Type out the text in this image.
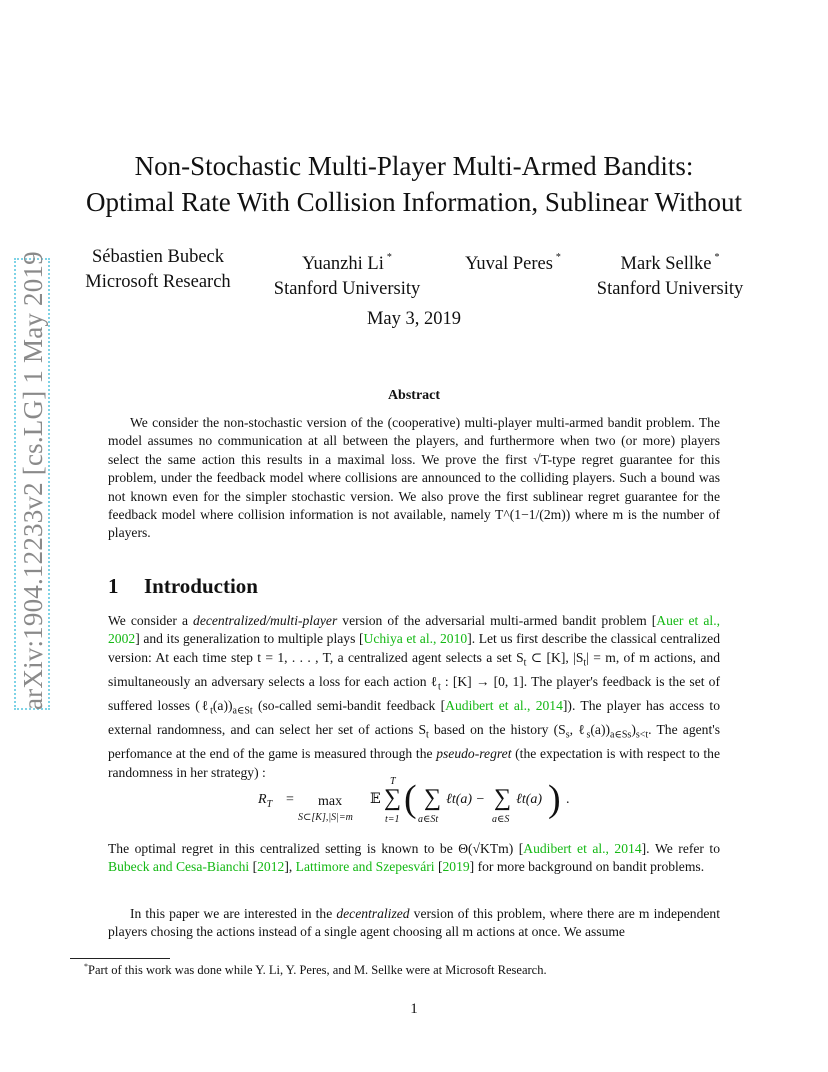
arXiv:1904.12233v2 [cs.LG] 1 May 2019
Non-Stochastic Multi-Player Multi-Armed Bandits:
Optimal Rate With Collision Information, Sublinear Without
Sébastien Bubeck
Microsoft Research
Yuanzhi Li *
Stanford University
Yuval Peres *	Mark Sellke *
Stanford University
May 3, 2019
Abstract
We consider the non-stochastic version of the (cooperative) multi-player multi-armed bandit problem. The model assumes no communication at all between the players, and furthermore when two (or more) players select the same action this results in a maximal loss. We prove the first √T-type regret guarantee for this problem, under the feedback model where collisions are announced to the colliding players. Such a bound was not known even for the simpler stochastic version. We also prove the first sublinear regret guarantee for the feedback model where collision information is not available, namely T^(1−1/(2m)) where m is the number of players.
1 Introduction
We consider a decentralized/multi-player version of the adversarial multi-armed bandit problem [Auer et al., 2002] and its generalization to multiple plays [Uchiya et al., 2010]. Let us first describe the classical centralized version: At each time step t = 1, . . . , T, a centralized agent selects a set $S_t$ ⊂ [K], $|S_t| = m$, of m actions, and simultaneously an adversary selects a loss for each action ℓ$_t$ : [K] → [0, 1]. The player's feedback is the set of suffered losses $(\ell_t(a))_{a\in St}$ (so-called semi-bandit feedback [Audibert et al., 2014]). The player has access to external randomness, and can select her set of actions $S_t$ based on the history ($S_s$, $\ell_s(a))_{a\in Ss})_{s<t}$. The agent's perfomance at the end of the game is measured through the pseudo-regret (the expectation is with respect to the randomness in her strategy) :
$R_T = \max$
S⊂[K],|S|=m
𝔼
T
∑
t=1 ( ∑
a∈St
ℓt(a) − ∑
a∈S
ℓt(a) ) .
The optimal regret in this centralized setting is known to be Θ(√KTm) [Audibert et al., 2014]. We refer to Bubeck and Cesa-Bianchi [2012], Lattimore and Szepesvári [2019] for more background on bandit problems.
In this paper we are interested in the decentralized version of this problem, where there are m independent players chosing the actions instead of a single agent choosing all m actions at once. We assume
*Part of this work was done while Y. Li, Y. Peres, and M. Sellke were at Microsoft Research.
1
